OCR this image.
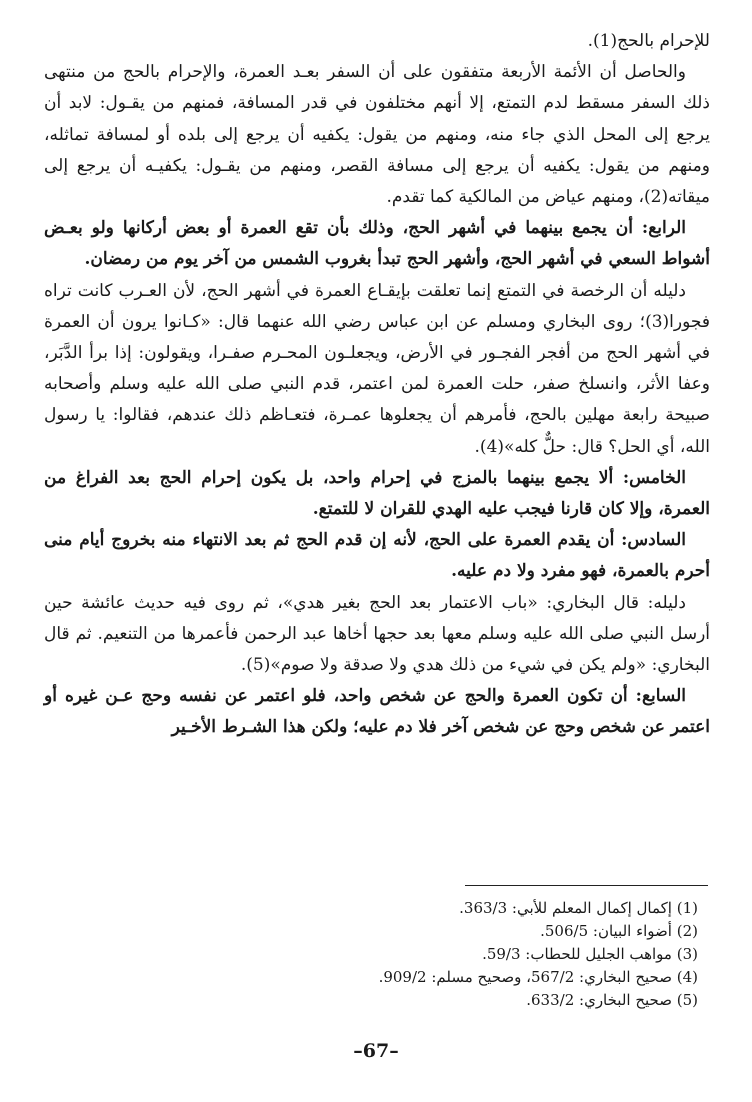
للإحرام بالحج(1).

والحاصل أن الأئمة الأربعة متفقون على أن السفر بعـد العمرة، والإحرام بالحج من منتهى ذلك السفر مسقط لدم التمتع، إلا أنهم مختلفون في قدر المسافة، فمنهم من يقـول: لابد أن يرجع إلى المحل الذي جاء منه، ومنهم من يقول: يكفيه أن يرجع إلى بلده أو لمسافة تماثله، ومنهم من يقول: يكفيه أن يرجع إلى مسافة القصر، ومنهم من يقـول: يكفيـه أن يرجع إلى ميقاته(2)، ومنهم عياض من المالكية كما تقدم.

الرابع: أن يجمع بينهما في أشهر الحج، وذلك بأن تقع العمرة أو بعض أركانها ولو بعـض أشواط السعي في أشهر الحج، وأشهر الحج تبدأ بغروب الشمس من آخر يوم من رمضان.

دليله أن الرخصة في التمتع إنما تعلقت بإيقـاع العمرة في أشهر الحج، لأن العـرب كانت تراه فجورا(3)؛ روى البخاري ومسلم عن ابن عباس رضي الله عنهما قال: «كـانوا يرون أن العمرة في أشهر الحج من أفجر الفجـور في الأرض، ويجعلـون المحـرم صفـرا، ويقولون: إذا برأ الدَّبَر، وعفا الأثر، وانسلخ صفر، حلت العمرة لمن اعتمر، قدم النبي صلى الله عليه وسلم وأصحابه صبيحة رابعة مهلين بالحج، فأمرهم أن يجعلوها عمـرة، فتعـاظم ذلك عندهم، فقالوا: يا رسول الله، أي الحل؟ قال: حلٌّ كله»(4).

الخامس: ألا يجمع بينهما بالمزج في إحرام واحد، بل يكون إحرام الحج بعد الفراغ من العمرة، وإلا كان قارنا فيجب عليه الهدي للقران لا للتمتع.

السادس: أن يقدم العمرة على الحج، لأنه إن قدم الحج ثم بعد الانتهاء منه بخروج أيام منى أحرم بالعمرة، فهو مفرد ولا دم عليه.

دليله: قال البخاري: «باب الاعتمار بعد الحج بغير هدي»، ثم روى فيه حديث عائشة حين أرسل النبي صلى الله عليه وسلم معها بعد حجها أخاها عبد الرحمن فأعمرها من التنعيم. ثم قال البخاري: «ولم يكن في شيء من ذلك هدي ولا صدقة ولا صوم»(5).

السابع: أن تكون العمرة والحج عن شخص واحد، فلو اعتمر عن نفسه وحج عـن غيره أو اعتمر عن شخص وحج عن شخص آخر فلا دم عليه؛ ولكن هذا الشـرط الأخـير

(1) إكمال إكمال المعلم للأبي: 363/3.

(2) أضواء البيان: 506/5.

(3) مواهب الجليل للحطاب: 59/3.

(4) صحيح البخاري: 567/2، وصحيح مسلم: 909/2.

(5) صحيح البخاري: 633/2.

–67–
